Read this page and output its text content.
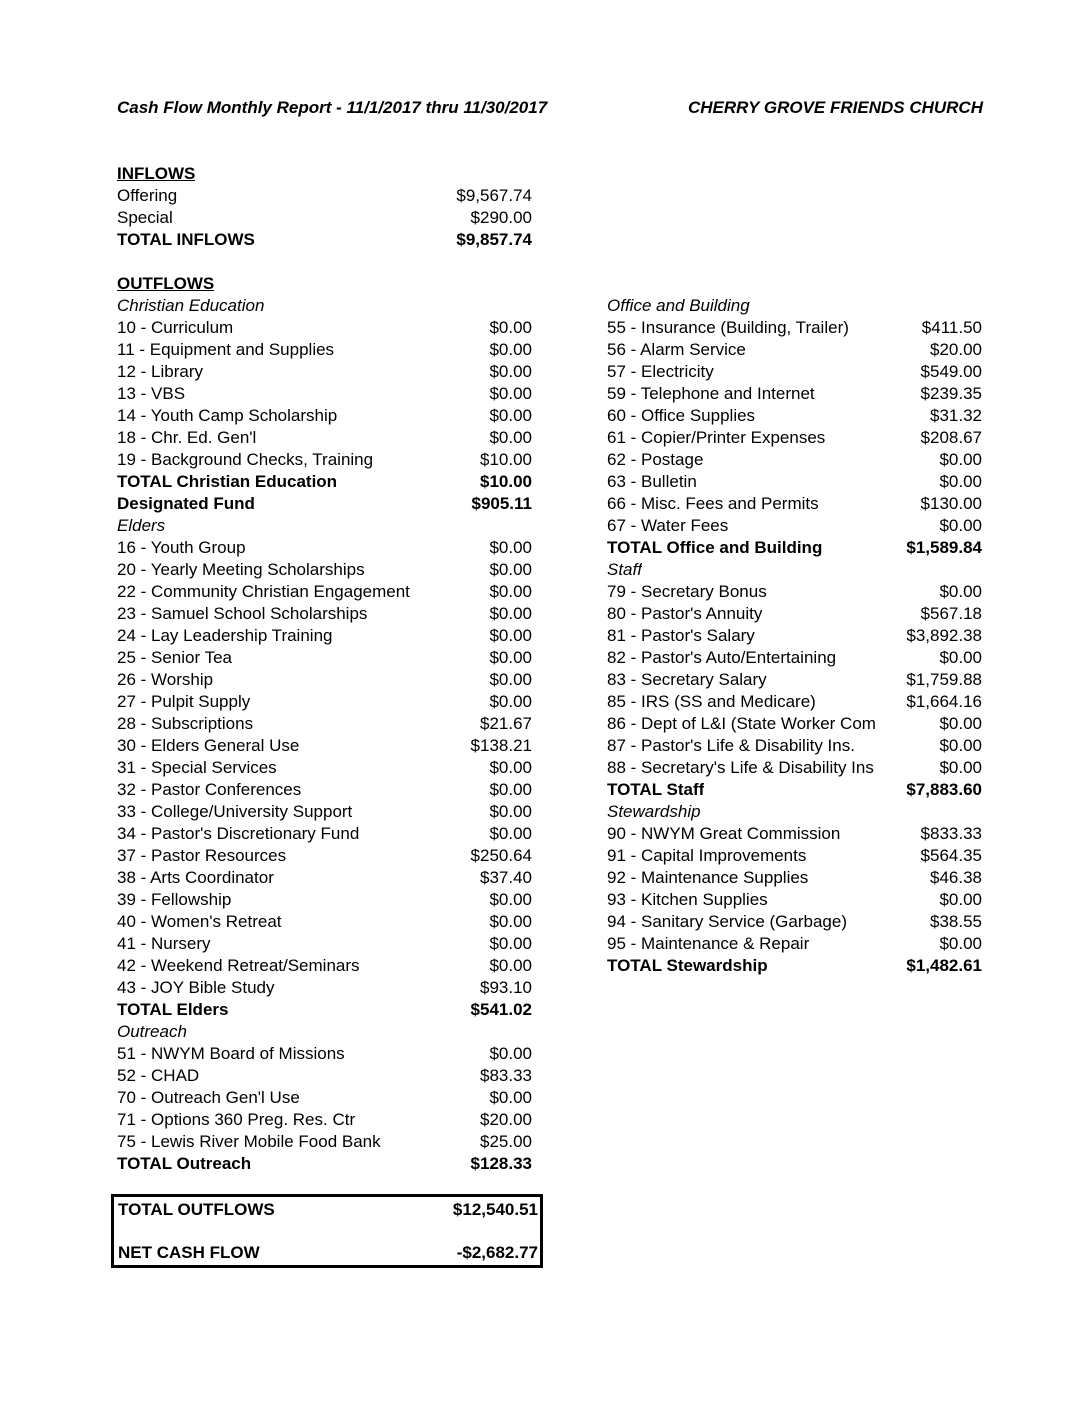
Cash Flow Monthly Report - 11/1/2017 thru 11/30/2017	CHERRY GROVE FRIENDS CHURCH
INFLOWS
Offering	$9,567.74
Special	$290.00
TOTAL INFLOWS	$9,857.74
OUTFLOWS
Christian Education
10 - Curriculum	$0.00
11 - Equipment and Supplies	$0.00
12 - Library	$0.00
13 - VBS	$0.00
14 - Youth Camp Scholarship	$0.00
18 - Chr. Ed. Gen'l	$0.00
19 - Background Checks, Training	$10.00
TOTAL Christian Education	$10.00
Designated Fund	$905.11
Elders
16 - Youth Group	$0.00
20 - Yearly Meeting Scholarships	$0.00
22 - Community Christian Engagement	$0.00
23 - Samuel School Scholarships	$0.00
24 - Lay Leadership Training	$0.00
25 - Senior Tea	$0.00
26 - Worship	$0.00
27 - Pulpit Supply	$0.00
28 - Subscriptions	$21.67
30 - Elders General Use	$138.21
31 - Special Services	$0.00
32 - Pastor Conferences	$0.00
33 - College/University Support	$0.00
34 - Pastor's Discretionary Fund	$0.00
37 - Pastor Resources	$250.64
38 - Arts Coordinator	$37.40
39 - Fellowship	$0.00
40 - Women's Retreat	$0.00
41 - Nursery	$0.00
42 - Weekend Retreat/Seminars	$0.00
43 - JOY Bible Study	$93.10
TOTAL Elders	$541.02
Outreach
51 - NWYM Board of Missions	$0.00
52 - CHAD	$83.33
70 - Outreach Gen'l Use	$0.00
71 - Options 360 Preg. Res. Ctr	$20.00
75 - Lewis River Mobile Food Bank	$25.00
TOTAL Outreach	$128.33
Office and Building
55 - Insurance (Building, Trailer)	$411.50
56 - Alarm Service	$20.00
57 - Electricity	$549.00
59 - Telephone and Internet	$239.35
60 - Office Supplies	$31.32
61 - Copier/Printer Expenses	$208.67
62 - Postage	$0.00
63 - Bulletin	$0.00
66 - Misc. Fees and Permits	$130.00
67 - Water Fees	$0.00
TOTAL Office and Building	$1,589.84
Staff
79 - Secretary Bonus	$0.00
80 - Pastor's Annuity	$567.18
81 - Pastor's Salary	$3,892.38
82 - Pastor's Auto/Entertaining	$0.00
83 - Secretary Salary	$1,759.88
85 - IRS (SS and Medicare)	$1,664.16
86 - Dept of L&I (State Worker Com	$0.00
87 - Pastor's Life & Disability Ins.	$0.00
88 - Secretary's Life & Disability Ins	$0.00
TOTAL Staff	$7,883.60
Stewardship
90 - NWYM Great Commission	$833.33
91 - Capital Improvements	$564.35
92 - Maintenance Supplies	$46.38
93 - Kitchen Supplies	$0.00
94 - Sanitary Service (Garbage)	$38.55
95 - Maintenance & Repair	$0.00
TOTAL Stewardship	$1,482.61
TOTAL OUTFLOWS	$12,540.51
NET CASH FLOW	-$2,682.77
